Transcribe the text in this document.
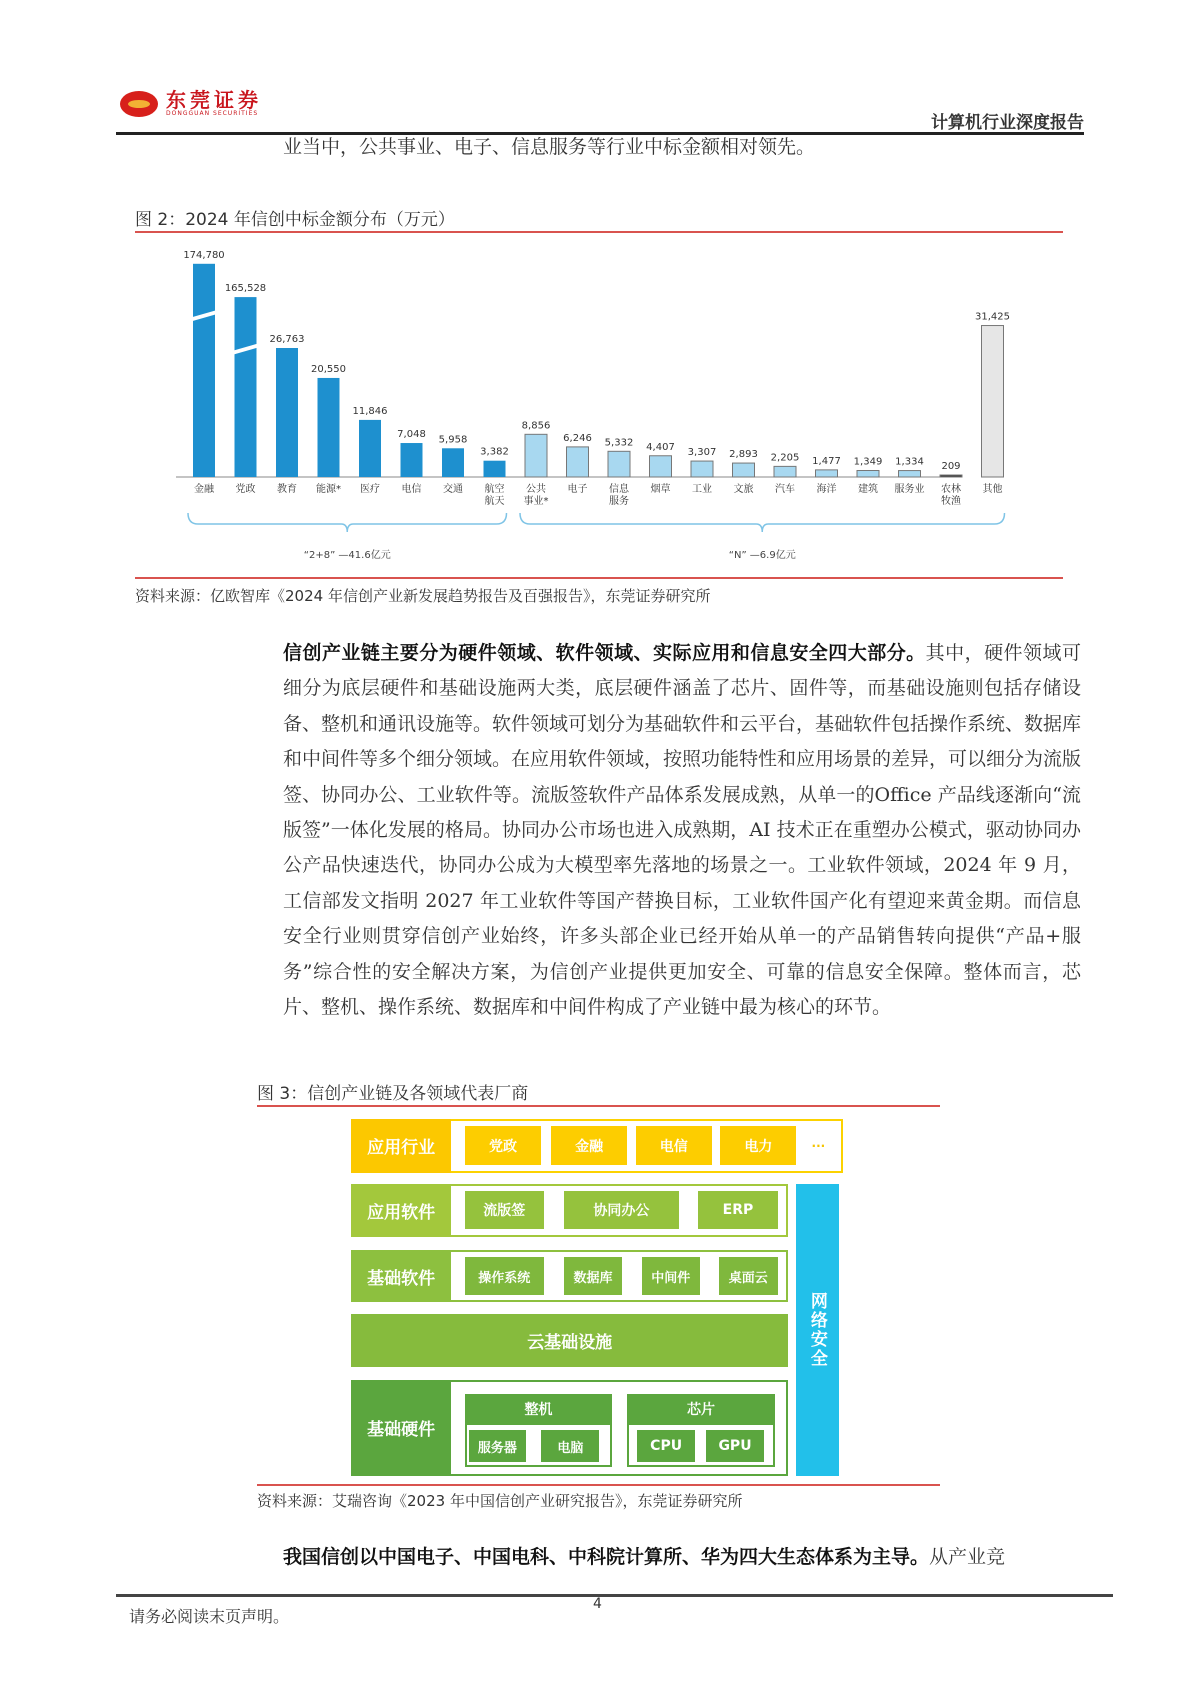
东莞证券
DONGGUAN SECURITIES	计算机行业深度报告
业当中，公共事业、电子、信息服务等行业中标金额相对领先。
图 2：2024 年信创中标金额分布（万元）
174,780
金融
165,528
党政
26,763
教育
20,550
能源*
11,846
医疗
7,048
电信
5,958
交通
3,382
航空
航天
8,856
公共
事业*
6,246
电子
5,332
信息
服务
4,407
烟草
3,307
工业
2,893
文旅
2,205
汽车
1,477
海洋
1,349
建筑
1,334
服务业
209
农林
牧渔
31,425
其他
“2+8” —41.6亿元	“N” —6.9亿元
资料来源：亿欧智库《2024 年信创产业新发展趋势报告及百强报告》，东莞证券研究所
信创产业链主要分为硬件领域、软件领域、实际应用和信息安全四大部分。其中，硬件领域可细分为底层硬件和基础设施两大类，底层硬件涵盖了芯片、固件等，而基础设施则包括存储设备、整机和通讯设施等。软件领域可划分为基础软件和云平台，基础软件包括操作系统、数据库和中间件等多个细分领域。在应用软件领域，按照功能特性和应用场景的差异，可以细分为流版签、协同办公、工业软件等。流版签软件产品体系发展成熟，从单一的Office 产品线逐渐向“流版签”一体化发展的格局。协同办公市场也进入成熟期，AI 技术正在重塑办公模式，驱动协同办公产品快速迭代，协同办公成为大模型率先落地的场景之一。工业软件领域，2024 年 9 月，工信部发文指明 2027 年工业软件等国产替换目标，工业软件国产化有望迎来黄金期。而信息安全行业则贯穿信创产业始终，许多头部企业已经开始从单一的产品销售转向提供“产品+服务”综合性的安全解决方案，为信创产业提供更加安全、可靠的信息安全保障。整体而言，芯片、整机、操作系统、数据库和中间件构成了产业链中最为核心的环节。
图 3：信创产业链及各领域代表厂商
应用行业	党政	金融	电信	电力	···
应用软件	流版签	协同办公	ERP
基础软件	操作系统	数据库	中间件	桌面云
云基础设施
基础硬件
整机
服务器	电脑
芯片
CPU	GPU
网络安全
资料来源：艾瑞咨询《2023 年中国信创产业研究报告》，东莞证券研究所
我国信创以中国电子、中国电科、中科院计算所、华为四大生态体系为主导。从产业竞
请务必阅读末页声明。
4
